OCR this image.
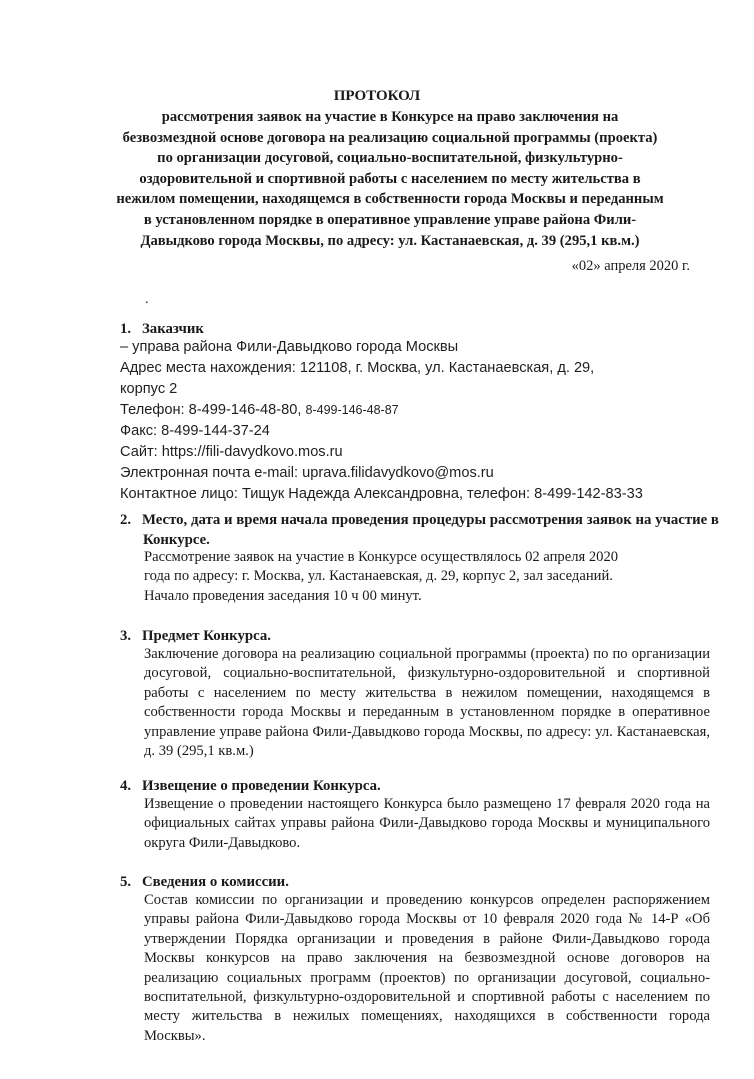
ПРОТОКОЛ
рассмотрения заявок на участие в Конкурсе на право заключения на
безвозмездной основе договора на реализацию социальной программы (проекта)
по организации досуговой, социально-воспитательной, физкультурно-
оздоровительной и спортивной работы с населением по месту жительства в
нежилом помещении, находящемся в собственности города Москвы и переданным
в установленном порядке в оперативное управление управе района Фили-
Давыдково города Москвы, по адресу: ул. Кастанаевская, д. 39 (295,1 кв.м.)
«02» апреля 2020 г.
.
1. Заказчик
– управа района Фили-Давыдково города Москвы
Адрес места нахождения: 121108, г. Москва, ул. Кастанаевская, д. 29,
корпус 2
Телефон: 8-499-146-48-80, 8-499-146-48-87
Факс: 8-499-144-37-24
Сайт: https://fili-davydkovo.mos.ru
Электронная почта e-mail: uprava.filidavydkovo@mos.ru
Контактное лицо: Тищук Надежда Александровна, телефон: 8-499-142-83-33
2. Место, дата и время начала проведения процедуры рассмотрения заявок на участие в Конкурсе.
Рассмотрение заявок на участие в Конкурсе осуществлялось 02 апреля 2020
года по адресу: г. Москва, ул. Кастанаевская, д. 29, корпус 2, зал заседаний.
Начало проведения заседания 10 ч 00 минут.
3. Предмет Конкурса.
Заключение договора на реализацию социальной программы (проекта) по по организации досуговой, социально-воспитательной, физкультурно-оздоровительной и спортивной работы с населением по месту жительства в нежилом помещении, находящемся в собственности города Москвы и переданным в установленном порядке в оперативное управление управе района Фили-Давыдково города Москвы, по адресу: ул. Кастанаевская, д. 39 (295,1 кв.м.)
4. Извещение о проведении Конкурса.
Извещение о проведении настоящего Конкурса было размещено 17 февраля 2020 года на официальных сайтах управы района Фили-Давыдково города Москвы и муниципального округа Фили-Давыдково.
5. Сведения о комиссии.
Состав комиссии по организации и проведению конкурсов определен распоряжением управы района Фили-Давыдково города Москвы от 10 февраля 2020 года № 14-Р «Об утверждении Порядка организации и проведения в районе Фили-Давыдково города Москвы конкурсов на право заключения на безвозмездной основе договоров на реализацию социальных программ (проектов) по организации досуговой, социально-воспитательной, физкультурно-оздоровительной и спортивной работы с населением по месту жительства в нежилых помещениях, находящихся в собственности города Москвы».
